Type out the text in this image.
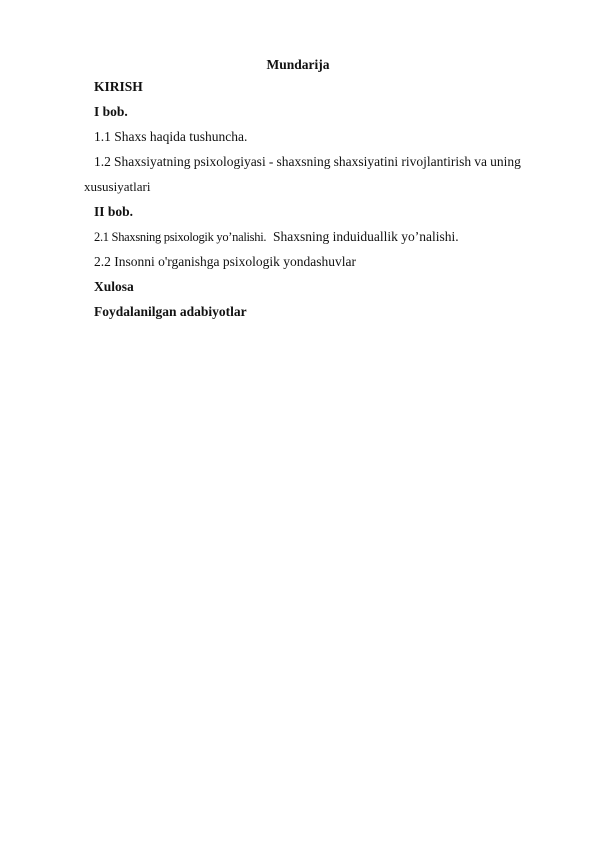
Mundarija
KIRISH
I bob.
1.1 Shaxs haqida tushuncha.
1.2 Shaxsiyatning psixologiyasi - shaxsning shaxsiyatini rivojlantirish va uning
xususiyatlari
II bob.
2.1 Shaxsning psixologik yo’nalishi. Shaxsning induiduallik yo’nalishi.
2.2 Insonni o'rganishga psixologik yondashuvlar
Xulosa
Foydalanilgan adabiyotlar
